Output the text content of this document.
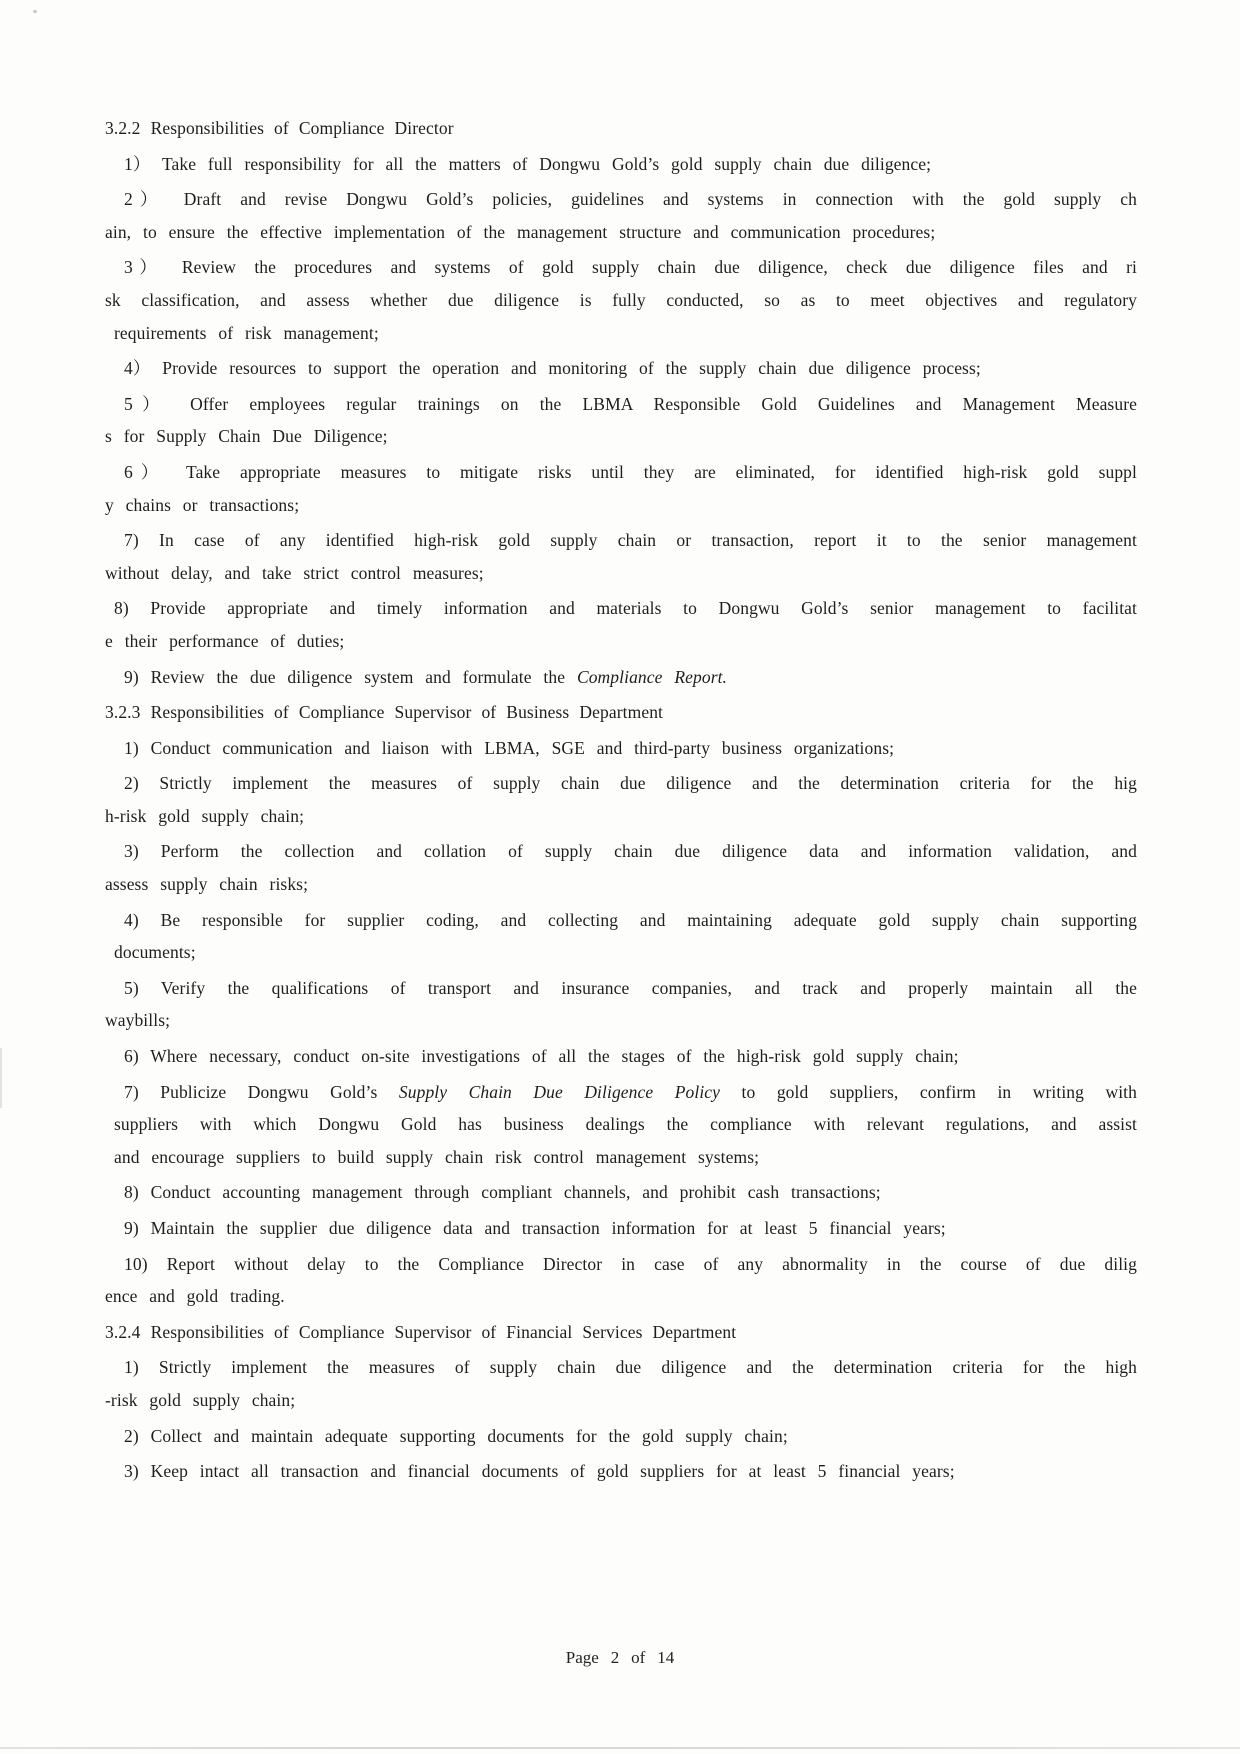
3.2.2 Responsibilities of Compliance Director
1） Take full responsibility for all the matters of Dongwu Gold’s gold supply chain due diligence;
2） Draft and revise Dongwu Gold’s policies, guidelines and systems in connection with the gold supply ch
ain, to ensure the effective implementation of the management structure and communication procedures;
3） Review the procedures and systems of gold supply chain due diligence, check due diligence files and ri
sk classification, and assess whether due diligence is fully conducted, so as to meet objectives and regulatory
requirements of risk management;
4） Provide resources to support the operation and monitoring of the supply chain due diligence process;
5） Offer employees regular trainings on the LBMA Responsible Gold Guidelines and Management Measure
s for Supply Chain Due Diligence;
6） Take appropriate measures to mitigate risks until they are eliminated, for identified high-risk gold suppl
y chains or transactions;
7) In case of any identified high-risk gold supply chain or transaction, report it to the senior management
without delay, and take strict control measures;
8) Provide appropriate and timely information and materials to Dongwu Gold’s senior management to facilitat
e their performance of duties;
9) Review the due diligence system and formulate the Compliance Report.
3.2.3 Responsibilities of Compliance Supervisor of Business Department
1) Conduct communication and liaison with LBMA, SGE and third-party business organizations;
2) Strictly implement the measures of supply chain due diligence and the determination criteria for the hig
h-risk gold supply chain;
3) Perform the collection and collation of supply chain due diligence data and information validation, and
assess supply chain risks;
4) Be responsible for supplier coding, and collecting and maintaining adequate gold supply chain supporting
documents;
5) Verify the qualifications of transport and insurance companies, and track and properly maintain all the
waybills;
6) Where necessary, conduct on-site investigations of all the stages of the high-risk gold supply chain;
7) Publicize Dongwu Gold’s Supply Chain Due Diligence Policy to gold suppliers, confirm in writing with
suppliers with which Dongwu Gold has business dealings the compliance with relevant regulations, and assist
and encourage suppliers to build supply chain risk control management systems;
8) Conduct accounting management through compliant channels, and prohibit cash transactions;
9) Maintain the supplier due diligence data and transaction information for at least 5 financial years;
10) Report without delay to the Compliance Director in case of any abnormality in the course of due dilig
ence and gold trading.
3.2.4 Responsibilities of Compliance Supervisor of Financial Services Department
1) Strictly implement the measures of supply chain due diligence and the determination criteria for the high
-risk gold supply chain;
2) Collect and maintain adequate supporting documents for the gold supply chain;
3) Keep intact all transaction and financial documents of gold suppliers for at least 5 financial years;
Page 2 of 14
